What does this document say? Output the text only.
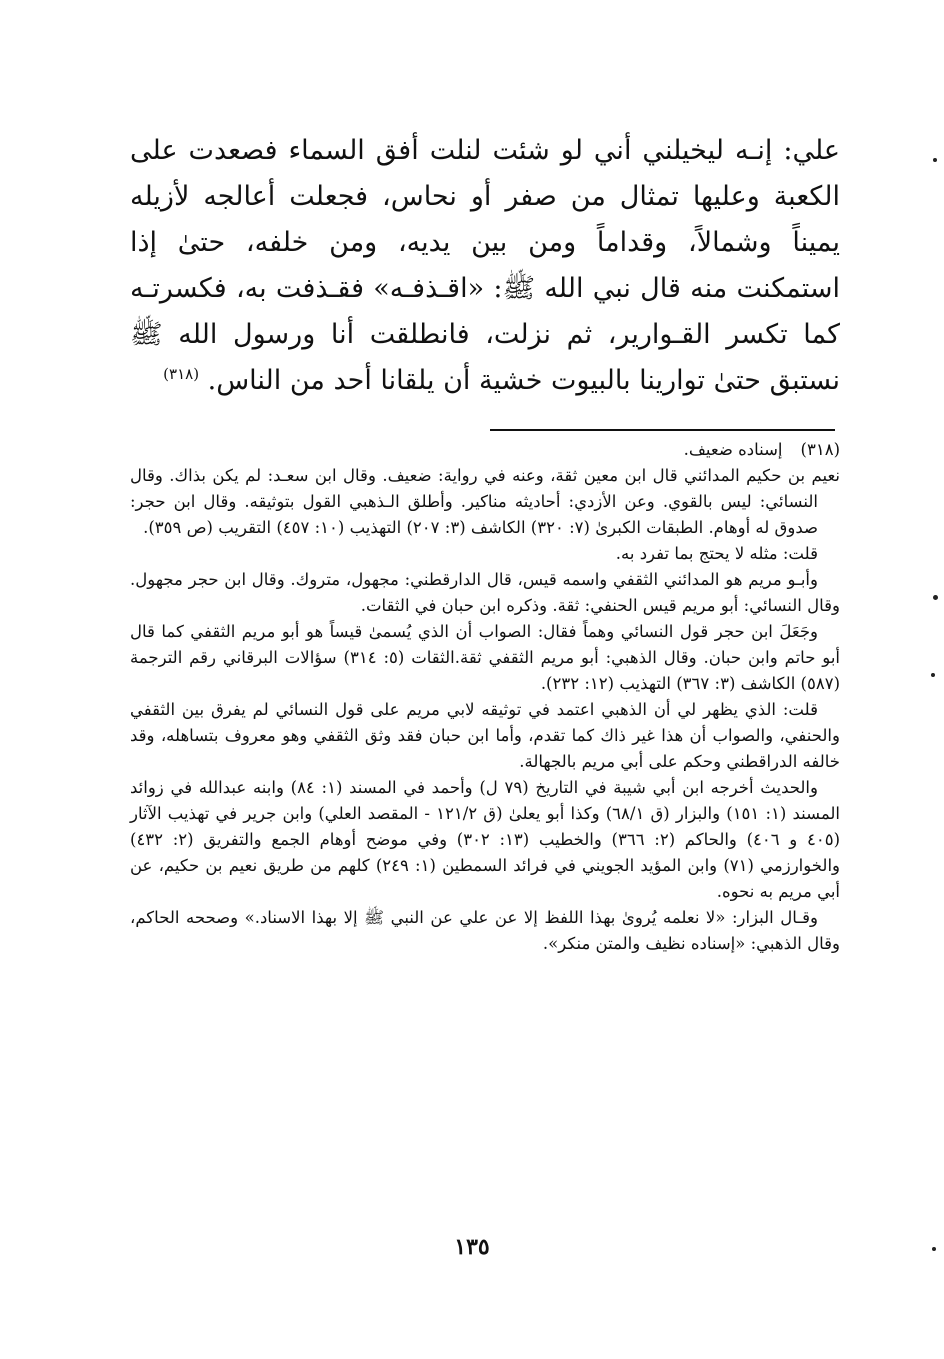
علي: إنـه ليخيلني أني لو شئت لنلت أفق السماء فصعدت على الكعبة وعليها تمثال من صفر أو نحاس، فجعلت أعالجه لأزيله يميناً وشمالاً، وقداماً ومن بين يديه، ومن خلفه، حتىٰ إذا استمكنت منه قال نبي الله ﷺ: «اقـذفـه» فقـذفت به، فكسرتـه كما تكسر القـوارير، ثم نزلت، فانطلقت أنا ورسول الله ﷺ نستبق حتىٰ توارينا بالبيوت خشية أن يلقانا أحد من الناس. $^{(٣١٨)}$

(٣١٨)
إسناده ضعيف.

نعيم بن حكيم المدائني قال ابن معين ثقة، وعنه في رواية: ضعيف. وقال ابن سعـد: لم يكن بذاك. وقال النسائي: ليس بالقوي. وعن الأزدي: أحاديثه مناكير. وأطلق الـذهبي القول بتوثيقه. وقال ابن حجر: صدوق له أوهام. الطبقات الكبرىٰ (٧: ٣٢٠) الكاشف (٣: ٢٠٧) التهذيب (١٠: ٤٥٧) التقريب (ص ٣٥٩).

قلت: مثله لا يحتج بما تفرد به.

وأبـو مريم هو المدائني الثقفي واسمه قيس، قال الدارقطني: مجهول، متروك. وقال ابن حجر مجهول. وقال النسائي: أبو مريم قيس الحنفي: ثقة. وذكره ابن حبان في الثقات.

وجَعَلَ ابن حجر قول النسائي وهماً فقال: الصواب أن الذي يُسمىٰ قيساً هو أبو مريم الثقفي كما قال أبو حاتم وابن حبان. وقال الذهبي: أبو مريم الثقفي ثقة.الثقات (٥: ٣١٤) سؤالات البرقاني رقم الترجمة (٥٨٧) الكاشف (٣: ٣٦٧) التهذيب (١٢: ٢٣٢).

قلت: الذي يظهر لي أن الذهبي اعتمد في توثيقه لابي مريم على قول النسائي لم يفرق بين الثقفي والحنفي، والصواب أن هذا غير ذاك كما تقدم، وأما ابن حبان فقد وثق الثقفي وهو معروف بتساهله، وقد خالفه الدراقطني وحكم على أبي مريم بالجهالة.

والحديث أخرجه ابن أبي شيبة في التاريخ (٧٩ ل) وأحمد في المسند (١: ٨٤) وابنه عبدالله في زوائد المسند (١: ١٥١) والبزار (ق ٦٨/١) وكذا أبو يعلىٰ (ق ١٢١/٢ - المقصد العلي) وابن جرير في تهذيب الآثار (٤٠٥ و ٤٠٦) والحاكم (٢: ٣٦٦) والخطيب (١٣: ٣٠٢) وفي موضح أوهام الجمع والتفريق (٢: ٤٣٢) والخوارزمي (٧١) وابن المؤيد الجويني في فرائد السمطين (١: ٢٤٩) كلهم من طريق نعيم بن حكيم، عن أبي مريم به نحوه.

وقـال البزار: «لا نعلمه يُروىٰ بهذا اللفظ إلا عن علي عن النبي ﷺ إلا بهذا الاسناد.» وصححه الحاكم، وقال الذهبي: «إسناده نظيف والمتن منكر».

١٣٥
